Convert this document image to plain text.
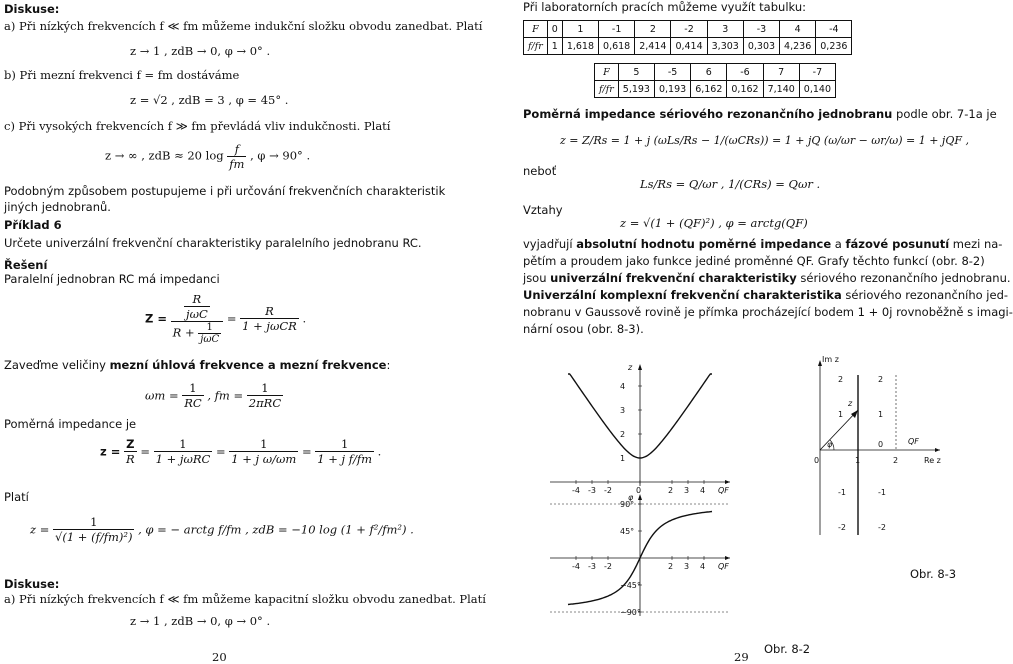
Diskuse:
a) Při nízkých frekvencích f ≪ fm můžeme indukční složku obvodu zanedbat. Platí
z → 1 , zdB → 0, φ → 0° .
b) Při mezní frekvenci f = fm dostáváme
z = √2 , zdB = 3 , φ = 45° .
c) Při vysokých frekvencích f ≫ fm převládá vliv indukčnosti. Platí
z → ∞ , zdB ≈ 20 $\log \frac{f}{fm}$ , φ → 90° .
Podobným způsobem postupujeme i při určování frekvenčních charakteristik jiných jednobranů.
Příklad 6
Určete univerzální frekvenční charakteristiky paralelního jednobranu RC.
Řešení
Paralelní jednobran RC má impedanci
$Z = \frac{\frac{R}{\text{jωC}}}{R + \frac{1}{\text{jωC}}} = \frac{R}{\text{1 + jωCR}}$ .
Zaveďme veličiny mezní úhlová frekvence a mezní frekvence:
$\omega m = \frac{1}{RC}$ , fm = $\frac{1}{\text{2πRC}}$
Poměrná impedance je
$z = \frac{Z}{R} = \frac{1}{\text{1 + jωRC}} = \frac{1}{\text{1 + j ω/ωm}} = \frac{1}{\text{1 + j f/fm}}$ .
Platí
$z = \frac{1}{\text{√(1 + (f/fm)²)}}$ , φ = − arctg f/fm , zdB = −10 log (1 + f²/fm²) .
Diskuse:
a) Při nízkých frekvencích f ≪ fm můžeme kapacitní složku obvodu zanedbat. Platí
z → 1 , zdB → 0, φ → 0° .
20
Při laboratorních pracích můžeme využít tabulku:
F	0	1	-1	2	-2	3	-3	4	-4
f/fr	1	1,618	0,618	2,414	0,414	3,303	0,303	4,236	0,236
F	5	-5	6	-6	7	-7
f/fr	5,193	0,193	6,162	0,162	7,140	0,140
Poměrná impedance sériového rezonančního jednobranu podle obr. 7-1a je
z = Z/Rs = 1 + j (ωLs/Rs − 1/(ωCRs)) = 1 + jQ (ω/ωr − ωr/ω) = 1 + jQF ,
neboť
Ls/Rs = Q/ωr , 1/(CRs) = Qωr .
Vztahy
z = √(1 + (QF)²) , φ = arctg(QF)
vyjadřují absolutní hodnotu poměrné impedance a fázové posunutí mezi na-
pětím a proudem jako funkce jediné proměnné QF. Grafy těchto funkcí (obr. 8-2)
jsou univerzální frekvenční charakteristiky sériového rezonančního jednobranu.
Univerzální komplexní frekvenční charakteristika sériového rezonančního jed-
nobranu v Gaussově rovině je přímka procházející bodem 1 + 0j rovnoběžně s imagi-
nární osou (obr. 8-3).
z
QF
1
2
3
4
-4 -3 -2	0	2 3 4
φ
QF
90°
45°
−45°
−90°
-4 -3 -2	2 3 4
Obr. 8-2
Im z
Re z
z
φ	QF
2
1
-1
-2
2
1
0
-1
-2
0	1	2
Obr. 8-3
29
